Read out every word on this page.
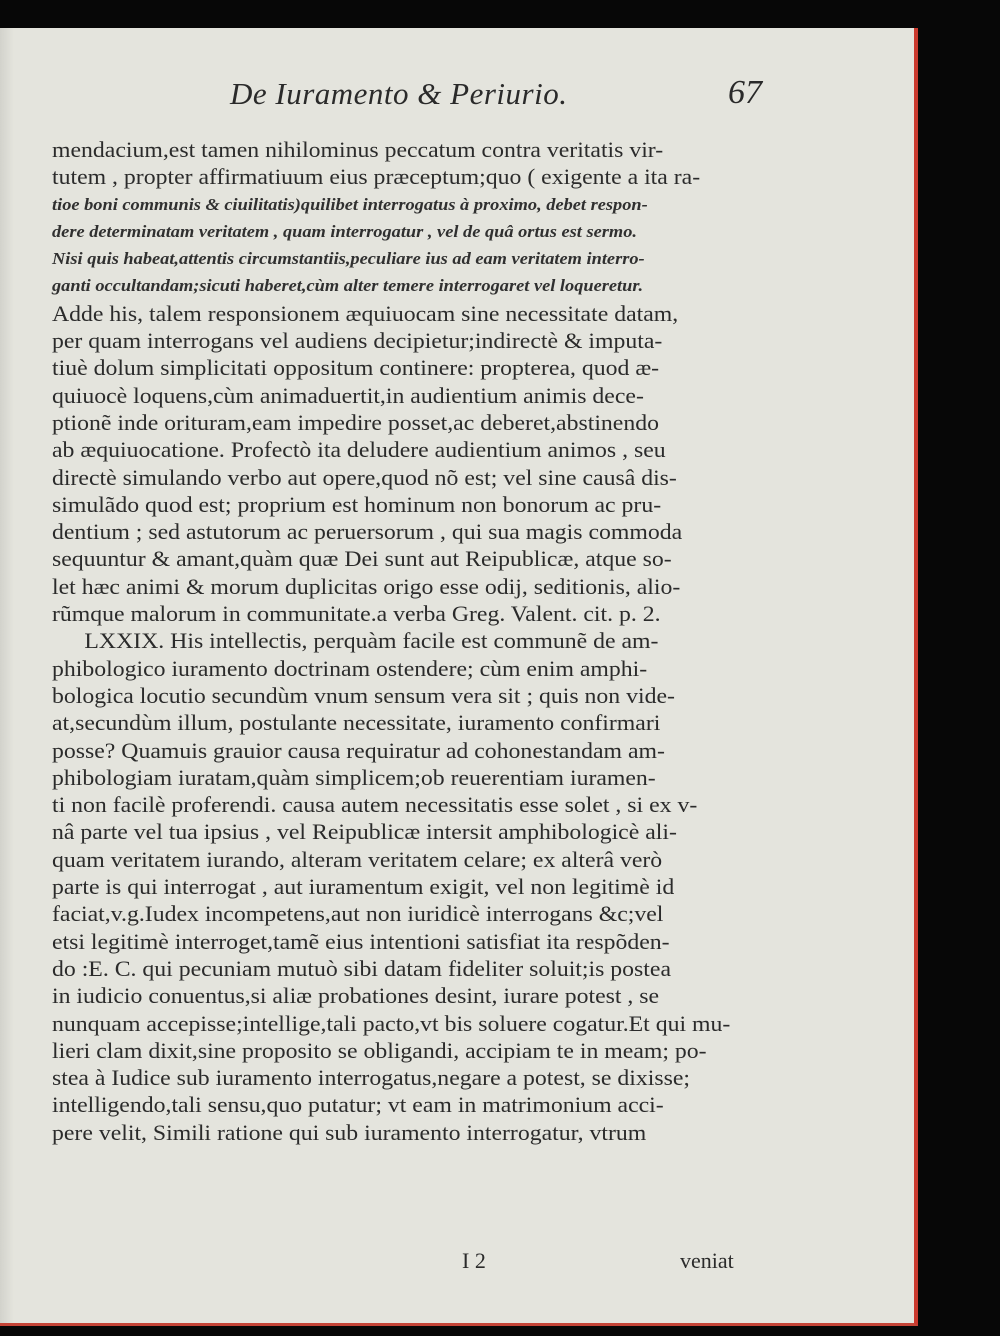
De Iuramento & Periurio.	67
mendacium,est tamen nihilominus peccatum contra veritatis vir-
tutem , propter affirmatiuum eius præceptum;quo ( exigente a ita ra-
tioe boni communis & ciuilitatis)quilibet interrogatus à proximo, debet respon-
dere determinatam veritatem , quam interrogatur , vel de quâ ortus est sermo.
Nisi quis habeat,attentis circumstantiis,peculiare ius ad eam veritatem interro-
ganti occultandam;sicuti haberet,cùm alter temere interrogaret vel loqueretur.
Adde his, talem responsionem æquiuocam sine necessitate datam,
per quam interrogans vel audiens decipietur;indirectè & imputa-
tiuè dolum simplicitati oppositum continere: propterea, quod æ-
quiuocè loquens,cùm animaduertit,in audientium animis dece-
ptionẽ inde orituram,eam impedire posset,ac deberet,abstinendo
ab æquiuocatione. Profectò ita deludere audientium animos , seu
directè simulando verbo aut opere,quod nõ est; vel sine causâ dis-
simulãdo quod est; proprium est hominum non bonorum ac pru-
dentium ; sed astutorum ac peruersorum , qui sua magis commoda
sequuntur & amant,quàm quæ Dei sunt aut Reipublicæ, atque so-
let hæc animi & morum duplicitas origo esse odij, seditionis, alio-
rũmque malorum in communitate.a verba Greg. Valent. cit. p. 2.
LXXIX. His intellectis, perquàm facile est communẽ de am-
phibologico iuramento doctrinam ostendere; cùm enim amphi-
bologica locutio secundùm vnum sensum vera sit ; quis non vide-
at,secundùm illum, postulante necessitate, iuramento confirmari
posse? Quamuis grauior causa requiratur ad cohonestandam am-
phibologiam iuratam,quàm simplicem;ob reuerentiam iuramen-
ti non facilè proferendi. causa autem necessitatis esse solet , si ex v-
nâ parte vel tua ipsius , vel Reipublicæ intersit amphibologicè ali-
quam veritatem iurando, alteram veritatem celare; ex alterâ verò
parte is qui interrogat , aut iuramentum exigit, vel non legitimè id
faciat,v.g.Iudex incompetens,aut non iuridicè interrogans &c;vel
etsi legitimè interroget,tamẽ eius intentioni satisfiat ita respõden-
do :E. C. qui pecuniam mutuò sibi datam fideliter soluit;is postea
in iudicio conuentus,si aliæ probationes desint, iurare potest , se
nunquam accepisse;intellige,tali pacto,vt bis soluere cogatur.Et qui mu-
lieri clam dixit,sine proposito se obligandi, accipiam te in meam; po-
stea à Iudice sub iuramento interrogatus,negare a potest, se dixisse;
intelligendo,tali sensu,quo putatur; vt eam in matrimonium acci-
pere velit, Simili ratione qui sub iuramento interrogatur, vtrum
I 2	veniat
